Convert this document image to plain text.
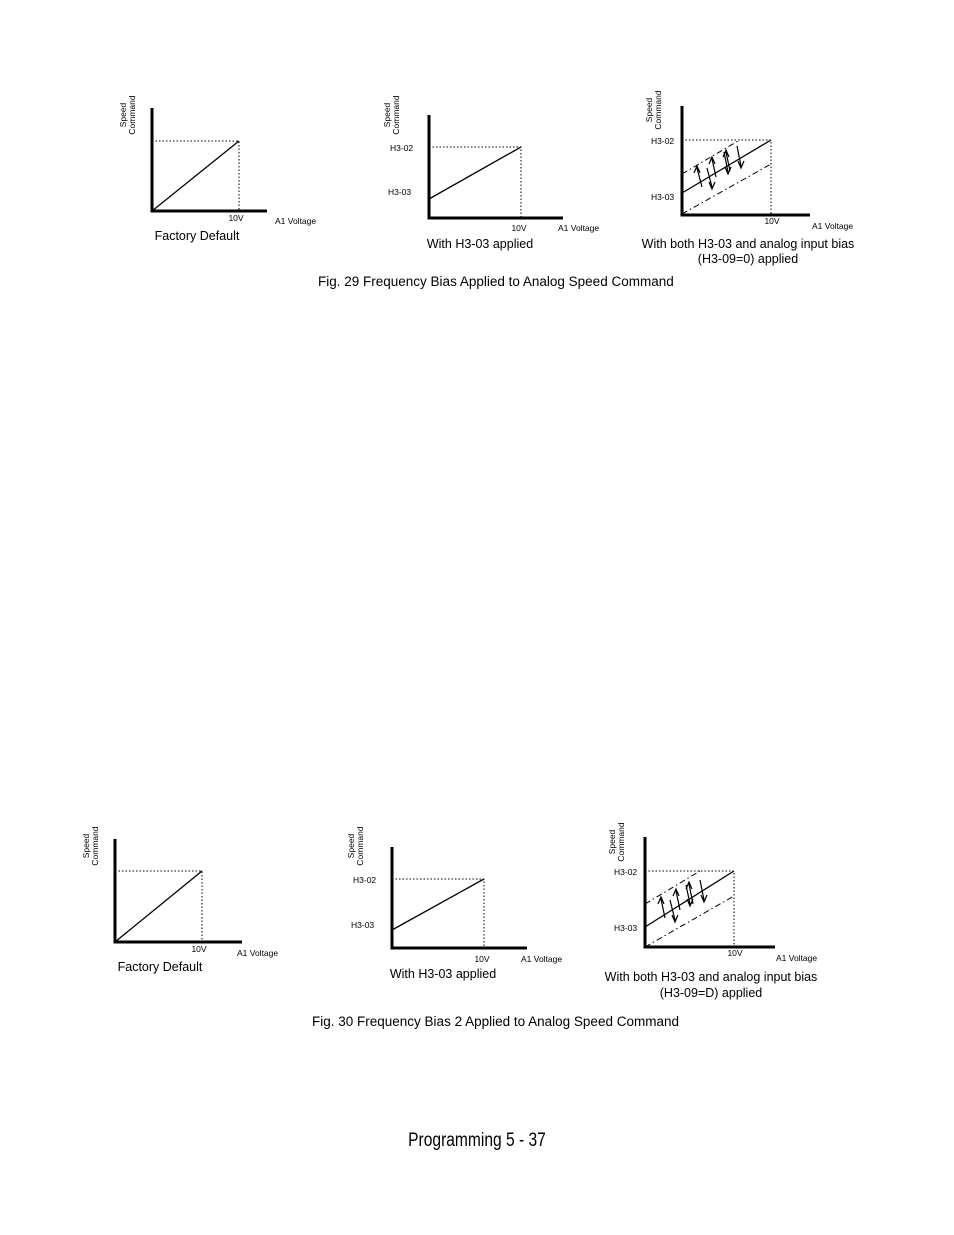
Speed Command
10V	A1 Voltage
Speed Command
H3-02
H3-03
10V	A1 Voltage
Speed Command
H3-02
H3-03
10V	A1 Voltage
Factory Default
With H3-03 applied	With both H3-03 and analog input bias
(H3-09=0) applied
Fig. 29 Frequency Bias Applied to Analog Speed Command
Speed Command
10V	A1 Voltage
Speed Command
H3-02
H3-03
10V	A1 Voltage
Speed Command
H3-02
H3-03
10V	A1 Voltage
Factory Default	With H3-03 applied	With both H3-03 and analog input bias
(H3-09=D) applied
Fig. 30 Frequency Bias 2 Applied to Analog Speed Command
Programming 5 - 37
